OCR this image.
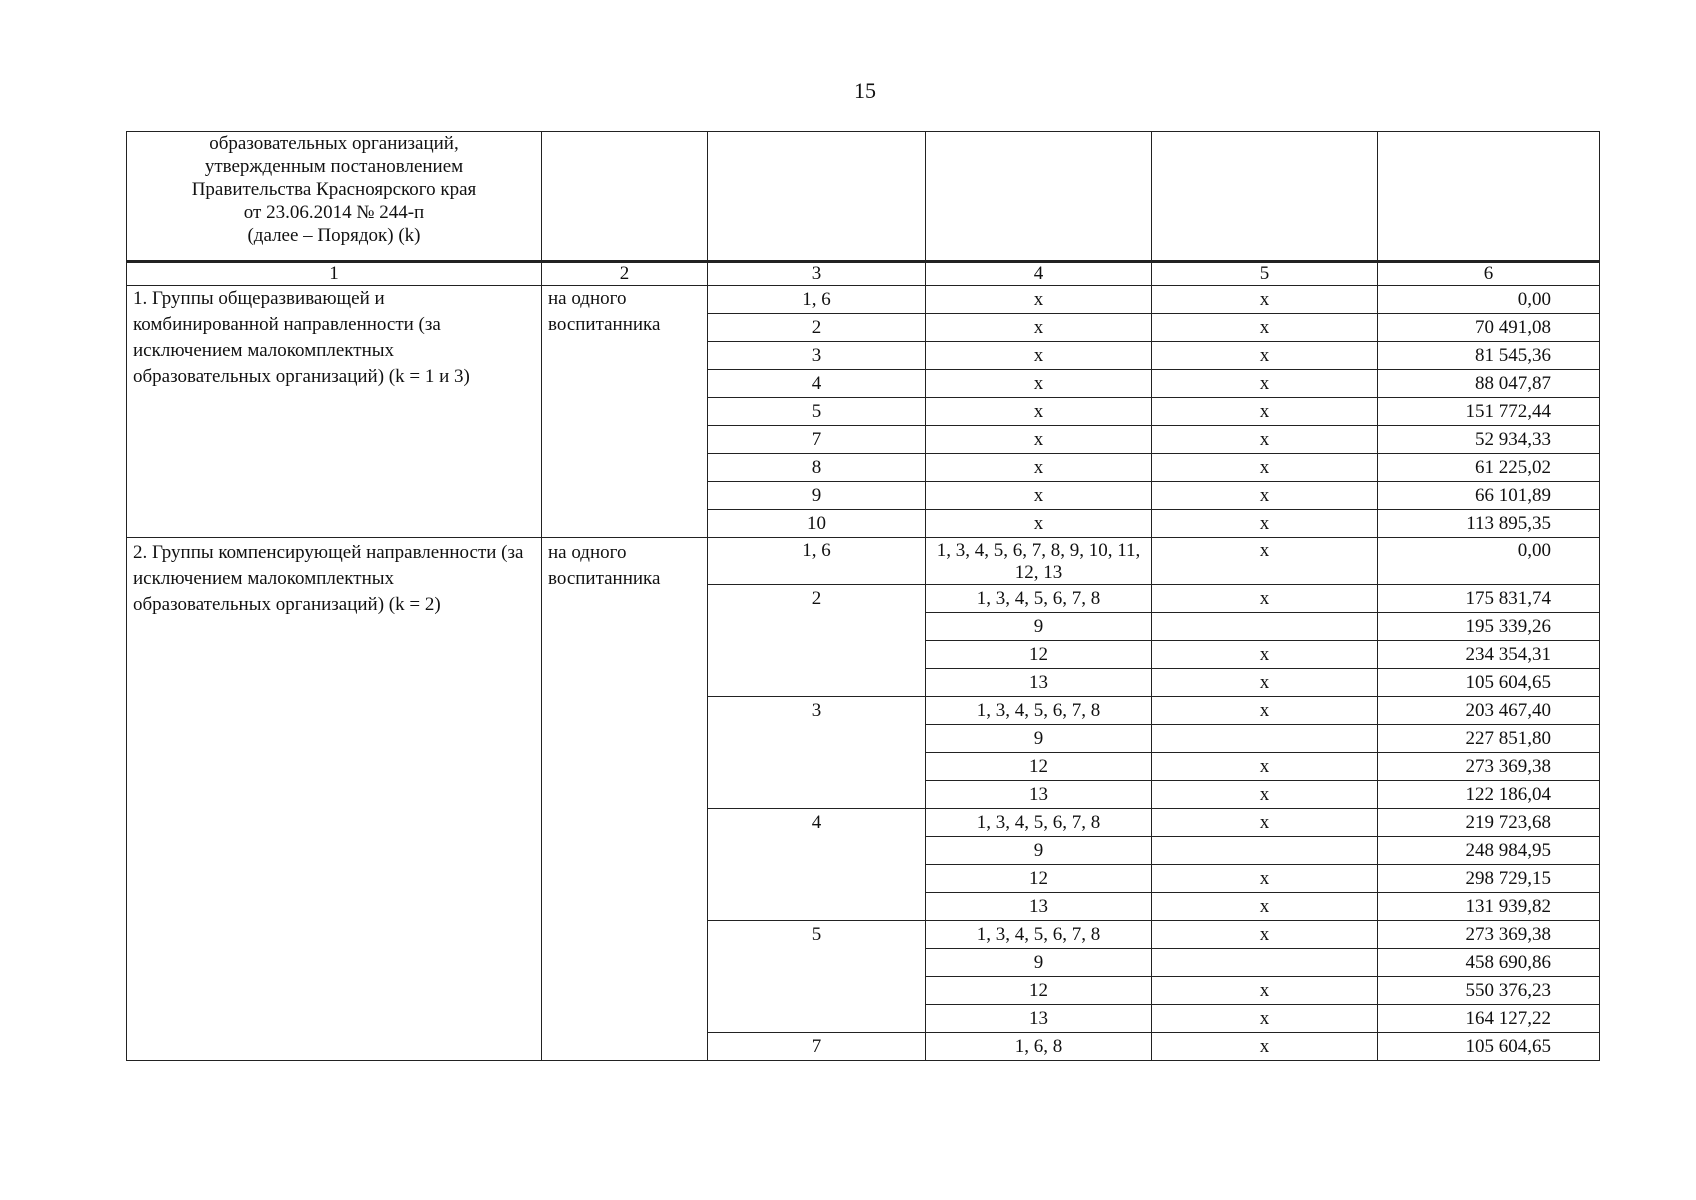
15
образовательных организаций,
утвержденным постановлением
Правительства Красноярского края
от 23.06.2014 № 244-п
(далее – Порядок) (k)					

1	2	3	4	5	6
1. Группы общеразвивающей и комбинированной направленности (за исключением малокомплектных образовательных организаций) (k = 1 и 3)	на одного воспитанника	1, 6	х	х	0,00
		2	х	х	70 491,08
		3	х	х	81 545,36
		4	х	х	88 047,87
		5	х	х	151 772,44
		7	х	х	52 934,33
		8	х	х	61 225,02
		9	х	х	66 101,89
		10	х	х	113 895,35
2. Группы компенсирующей направленности (за исключением малокомплектных образовательных организаций) (k = 2)	на одного воспитанника	1, 6	1, 3, 4, 5, 6, 7, 8, 9, 10, 11, 12, 13	х	0,00
		2	1, 3, 4, 5, 6, 7, 8	х	175 831,74
			9		195 339,26
			12	х	234 354,31
			13	х	105 604,65
		3	1, 3, 4, 5, 6, 7, 8	х	203 467,40
			9		227 851,80
			12	х	273 369,38
			13	х	122 186,04
		4	1, 3, 4, 5, 6, 7, 8	х	219 723,68
			9		248 984,95
			12	х	298 729,15
			13	х	131 939,82
		5	1, 3, 4, 5, 6, 7, 8	х	273 369,38
			9		458 690,86
			12	х	550 376,23
			13	х	164 127,22
		7	1, 6, 8	х	105 604,65
